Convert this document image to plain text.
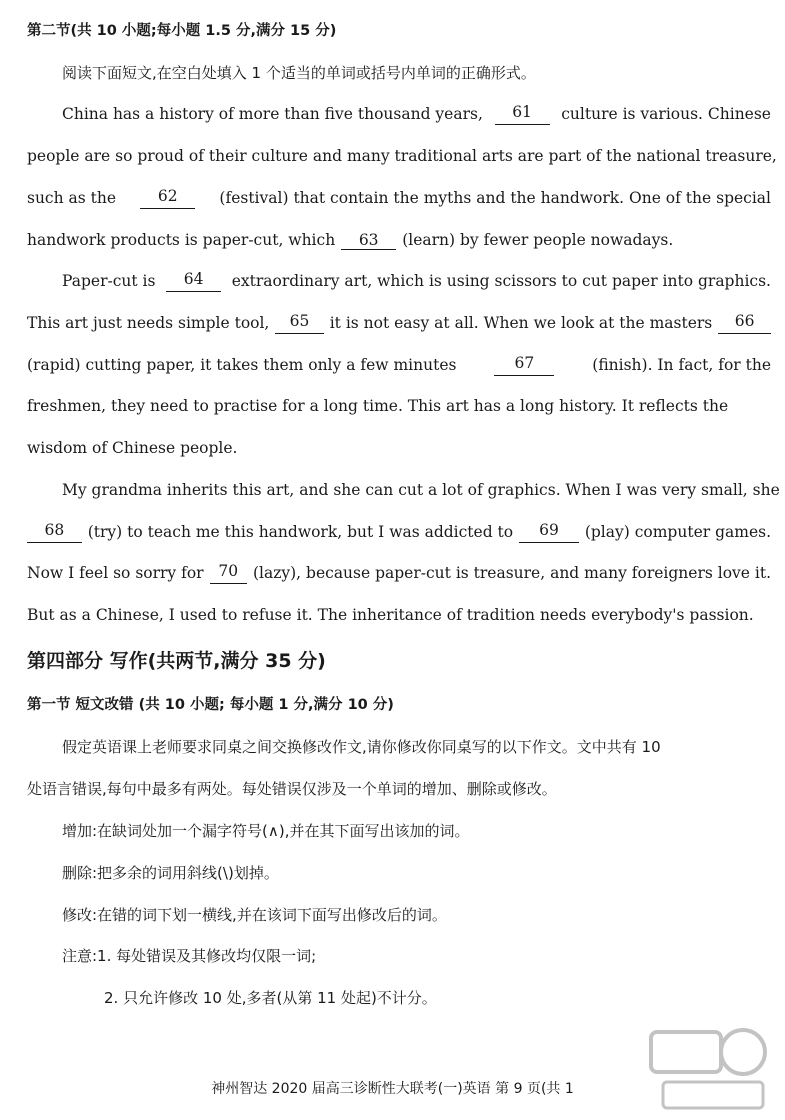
第二节(共 10 小题;每小题 1.5 分,满分 15 分)
阅读下面短文,在空白处填入 1 个适当的单词或括号内单词的正确形式。
China has a history of more than five thousand years,	61	culture is various. Chinese
people are so proud of their culture and many traditional arts are part of the national treasure,
such as the	62	(festival) that contain the myths and the handwork. One of the special
handwork products is paper-cut, which 63 (learn) by fewer people nowadays.
Paper-cut is	64	extraordinary art, which is using scissors to cut paper into graphics.
This art just needs simple tool,	65	it is not easy at all. When we look at the masters	66
(rapid) cutting paper, it takes them only a few minutes	67	(finish). In fact, for the
freshmen, they need to practise for a long time. This art has a long history. It reflects the
wisdom of Chinese people.
My grandma inherits this art, and she can cut a lot of graphics. When I was very small, she
68	(try) to teach me this handwork, but I was addicted to	69	(play) computer games.
Now I feel so sorry for 70 (lazy), because paper-cut is treasure, and many foreigners love it.
But as a Chinese, I used to refuse it. The inheritance of tradition needs everybody's passion.
第四部分 写作(共两节,满分 35 分)
第一节 短文改错 (共 10 小题; 每小题 1 分,满分 10 分)
假定英语课上老师要求同桌之间交换修改作文,请你修改你同桌写的以下作文。文中共有 10
处语言错误,每句中最多有两处。每处错误仅涉及一个单词的增加、删除或修改。
增加:在缺词处加一个漏字符号(∧),并在其下面写出该加的词。
删除:把多余的词用斜线(\)划掉。
修改:在错的词下划一横线,并在该词下面写出修改后的词。
注意:1. 每处错误及其修改均仅限一词;
2. 只允许修改 10 处,多者(从第 11 处起)不计分。
神州智达 2020 届高三诊断性大联考(一)英语 第 9 页(共 1
